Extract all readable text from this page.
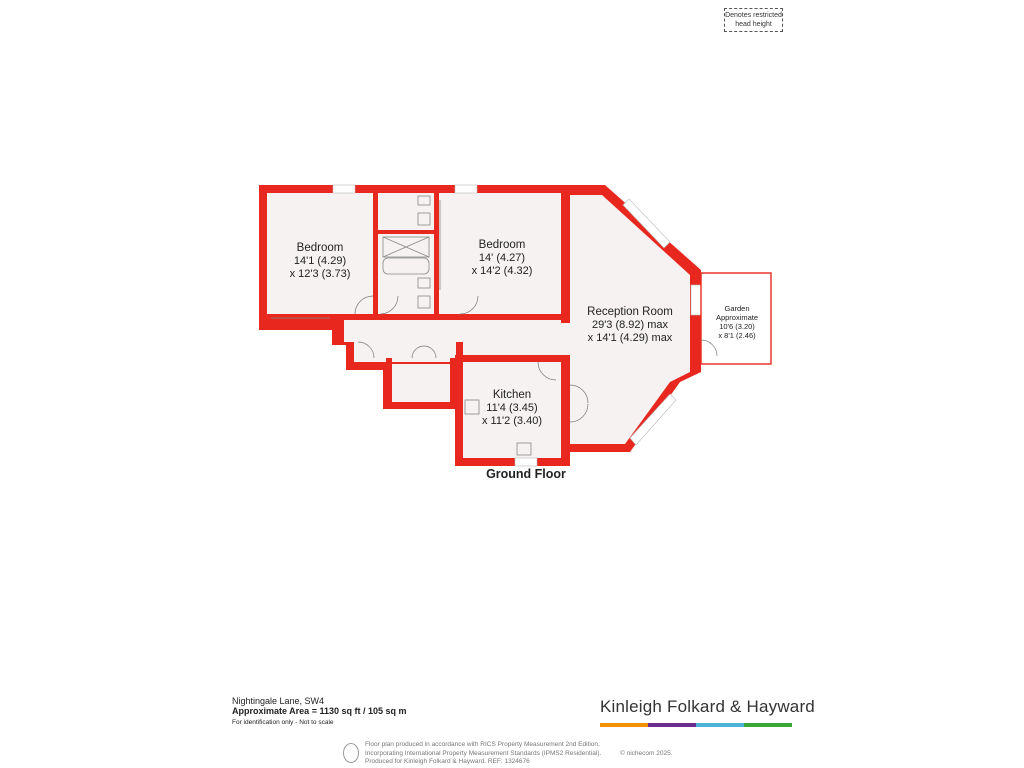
Denotes restricted head height
Bedroom
14'1 (4.29)
x 12'3 (3.73)
Bedroom
14' (4.27)
x 14'2 (4.32)
Reception Room
29'3 (8.92) max
x 14'1 (4.29) max
Kitchen
11'4 (3.45)
x 11'2 (3.40)
Garden
Approximate
10'6 (3.20)
x 8'1 (2.46)
Ground Floor
Nightingale Lane, SW4
Approximate Area = 1130 sq ft / 105 sq m
For identification only - Not to scale
Kinleigh Folkard & Hayward
Floor plan produced in accordance with RICS Property Measurement 2nd Edition,
Incorporating International Property Measurement Standards (IPMS2 Residential).
Produced for Kinleigh Folkard & Hayward. REF: 1324676
© nichecom 2025.
